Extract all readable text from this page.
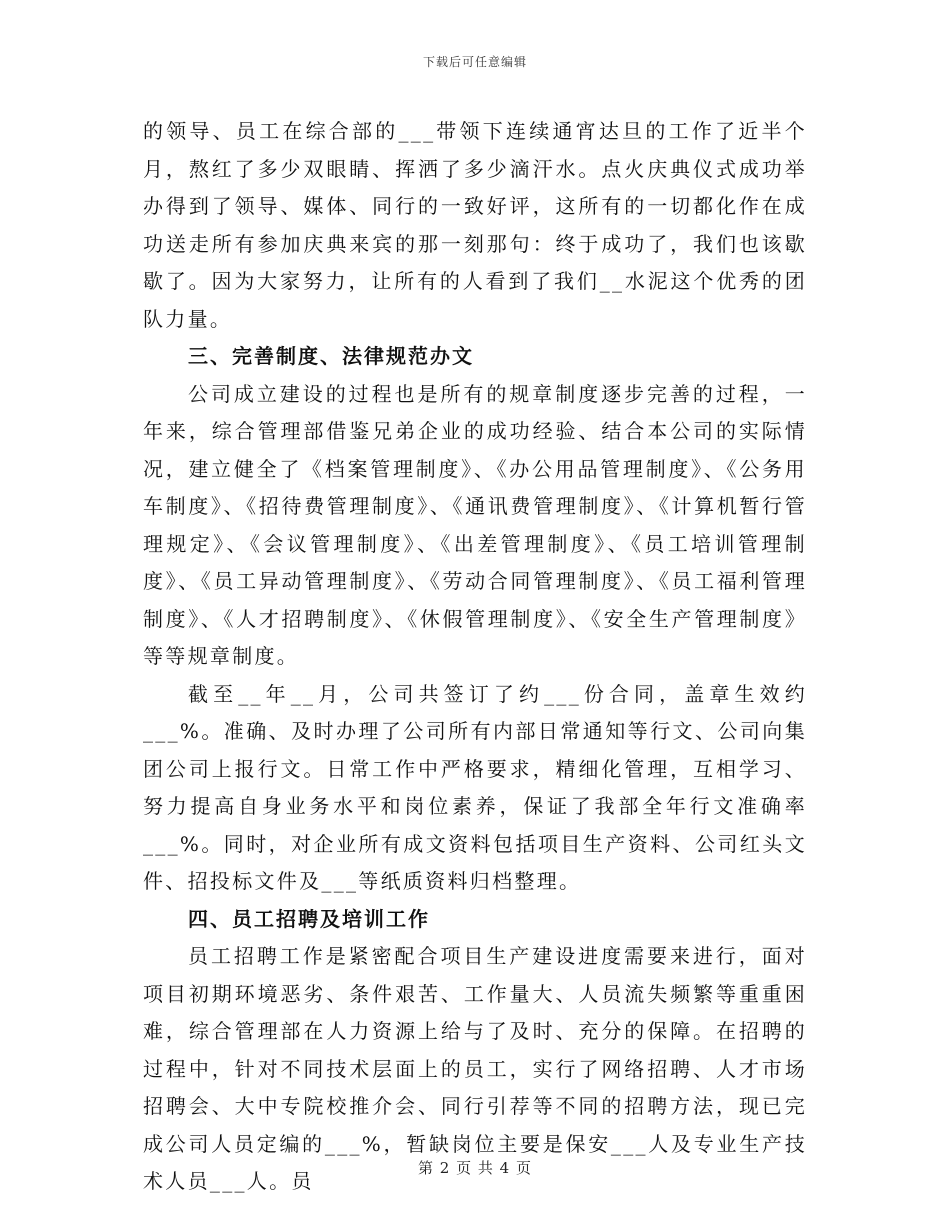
下载后可任意编辑

的领导、员工在综合部的___带领下连续通宵达旦的工作了近半个月，熬红了多少双眼睛、挥洒了多少滴汗水。点火庆典仪式成功举办得到了领导、媒体、同行的一致好评，这所有的一切都化作在成功送走所有参加庆典来宾的那一刻那句：终于成功了，我们也该歇歇了。因为大家努力，让所有的人看到了我们__水泥这个优秀的团队力量。

三、完善制度、法律规范办文

公司成立建设的过程也是所有的规章制度逐步完善的过程，一年来，综合管理部借鉴兄弟企业的成功经验、结合本公司的实际情况，建立健全了《档案管理制度》、《办公用品管理制度》、《公务用车制度》、《招待费管理制度》、《通讯费管理制度》、《计算机暂行管理规定》、《会议管理制度》、《出差管理制度》、《员工培训管理制度》、《员工异动管理制度》、《劳动合同管理制度》、《员工福利管理制度》、《人才招聘制度》、《休假管理制度》、《安全生产管理制度》等等规章制度。

截至__年__月，公司共签订了约___份合同，盖章生效约___%。准确、及时办理了公司所有内部日常通知等行文、公司向集团公司上报行文。日常工作中严格要求，精细化管理，互相学习、努力提高自身业务水平和岗位素养，保证了我部全年行文准确率___%。同时，对企业所有成文资料包括项目生产资料、公司红头文件、招投标文件及___等纸质资料归档整理。

四、员工招聘及培训工作

员工招聘工作是紧密配合项目生产建设进度需要来进行，面对项目初期环境恶劣、条件艰苦、工作量大、人员流失频繁等重重困难，综合管理部在人力资源上给与了及时、充分的保障。在招聘的过程中，针对不同技术层面上的员工，实行了网络招聘、人才市场招聘会、大中专院校推介会、同行引荐等不同的招聘方法，现已完成公司人员定编的___%，暂缺岗位主要是保安___人及专业生产技术人员___人。员

第 2 页 共 4 页
